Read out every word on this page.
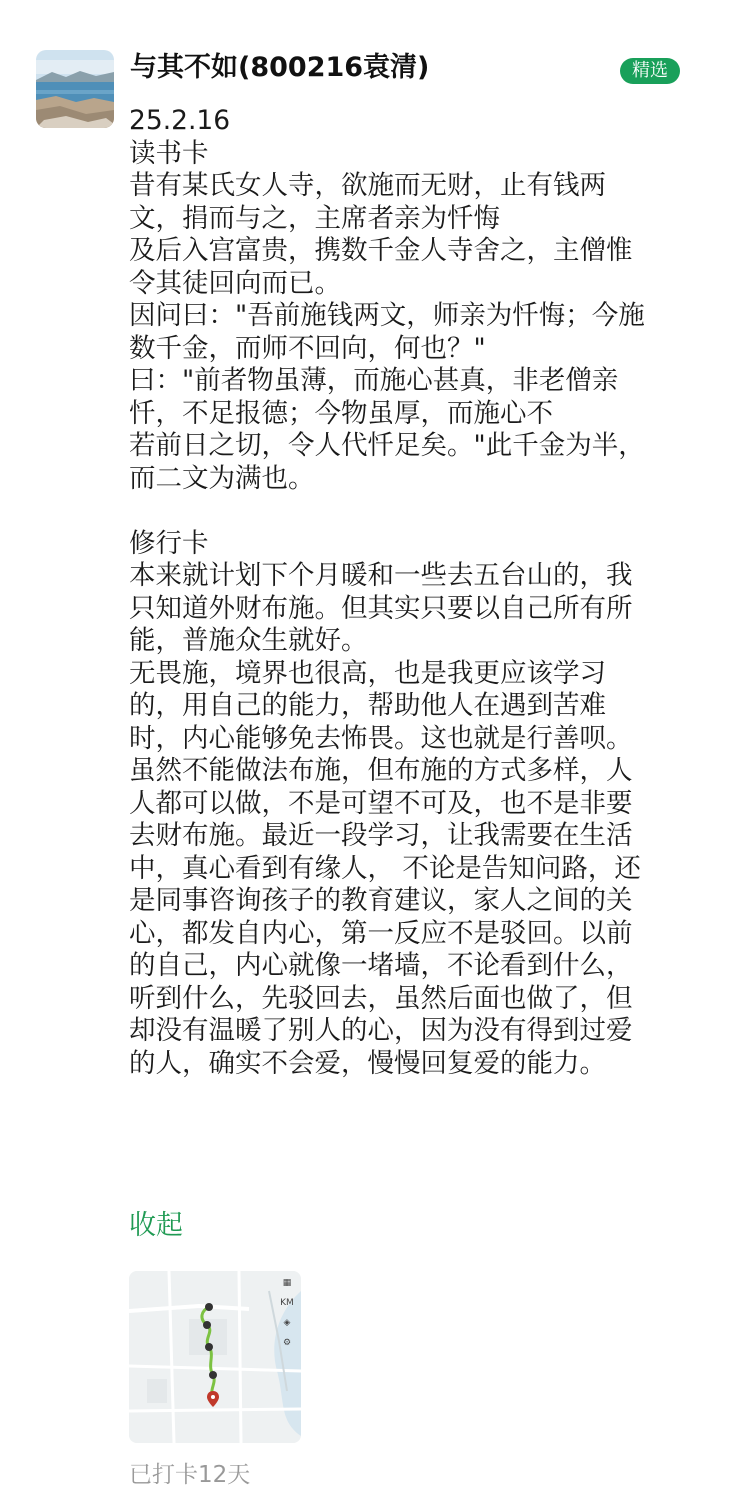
与其不如(800216袁清)	精选
25.2.16
读书卡
昔有某氏女人寺，欲施而无财，止有钱两
文，捐而与之，主席者亲为忏悔
及后入宫富贵，携数千金人寺舍之，主僧惟
令其徒回向而已。
因问曰："吾前施钱两文，师亲为忏悔；今施
数千金，而师不回向，何也？"
曰："前者物虽薄，而施心甚真，非老僧亲
忏，不足报德；今物虽厚，而施心不
若前日之切，令人代忏足矣。"此千金为半，
而二文为满也。
修行卡
本来就计划下个月暖和一些去五台山的，我
只知道外财布施。但其实只要以自己所有所
能，普施众生就好。
无畏施，境界也很高，也是我更应该学习
的，用自己的能力，帮助他人在遇到苦难
时，内心能够免去怖畏。这也就是行善呗。
虽然不能做法布施，但布施的方式多样，人
人都可以做，不是可望不可及，也不是非要
去财布施。最近一段学习，让我需要在生活
中，真心看到有缘人， 不论是告知问路，还
是同事咨询孩子的教育建议，家人之间的关
心，都发自内心，第一反应不是驳回。以前
的自己，内心就像一堵墙，不论看到什么，
听到什么，先驳回去，虽然后面也做了，但
却没有温暖了别人的心，因为没有得到过爱
的人，确实不会爱，慢慢回复爱的能力。
收起
▦
KM
◈
⚙
已打卡12天
